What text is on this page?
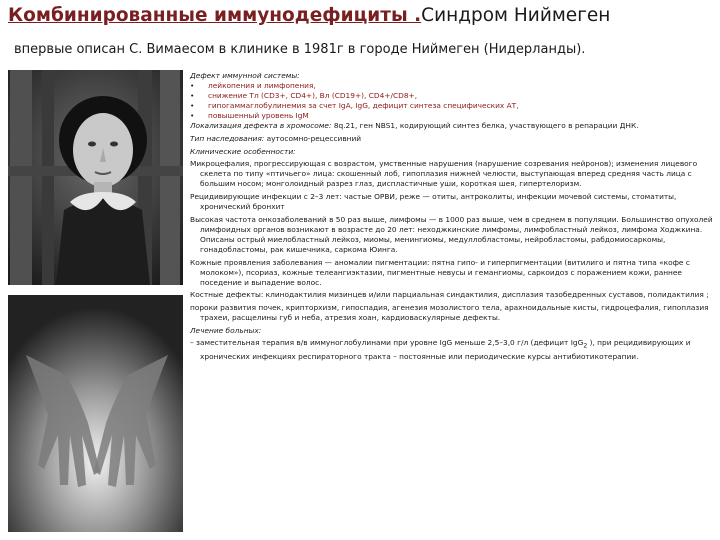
Комбинированные иммунодефициты .Синдром Ниймеген
впервые описан С. Вимаесом в клинике в 1981г в городе Ниймеген (Нидерланды).

Дефект иммунной системы:

•	лейкопения и лимфопения,
•	снижение Тл (CD3+, CD4+), Вл (CD19+), CD4+/CD8+,
•	гипогаммаглобулинемия за счет IgA, IgG, дефицит синтеза специфических АТ,
•	повышенный уровень IgM

Локализация дефекта в хромосоме: 8q.21, ген NBS1, кодирующий синтез белка, участвующего в репарации ДНК.

Тип наследования: аутосомно-рецессивний

Клинические особенности:

Микроцефалия, прогрессирующая с возрастом, умственные нарушения (нарушение созревания нейронов); изменения лицевого скелета по типу «птичьего» лица: скошенный лоб, гипоплазия нижней челюсти, выступающая вперед средняя часть лица с большим носом; монголоидный разрез глаз, диспластичные уши, короткая шея, гипертелоризм.

Рецидивирующие инфекции с 2–3 лет: частые ОРВИ, реже — отиты, антроколиты, инфекции мочевой системы, стоматиты, хронический бронхит

Высокая частота онкозаболеваний в 50 раз выше, лимфомы — в 1000 раз выше, чем в среднем в популяции. Большинство опухолей лимфоидных органов возникают в возрасте до 20 лет: неходжкинские лимфомы, лимфобластный лейкоз, лимфома Ходжкина. Описаны острый миелобластный лейкоз, миомы, менингиомы, медуллобластомы, нейробластомы, рабдомиосаркомы, гонадобластомы, рак кишечника, саркома Юинга.

Кожные проявления заболевания — аномалии пигментации: пятна гипо- и гиперпигментации (витилиго и пятна типа «кофе с молоком»), псориаз, кожные телеангиэктазии, пигментные невусы и гемангиомы, саркоидоз с поражением кожи, раннее поседение и выпадение волос.

Костные дефекты: клинодактилия мизинцев и/или парциальная синдактилия, дисплазия тазобедренных суставов, полидактилия ;

пороки развития почек, крипторхизм, гипоспадия, агенезия мозолистого тела, арахноидальные кисты, гидроцефалия, гипоплазия трахеи, расщелины губ и неба, атрезия хоан, кардиоваскулярные дефекты.

Лечение больных:

– заместительная терапия в/в иммуноглобулинами при уровне IgG меньше 2,5–3,0 г/л (дефицит IgG$_2$ ), при рецидивирующих и хронических инфекциях респираторного тракта – постоянные или периодические курсы антибиотикотерапии.
